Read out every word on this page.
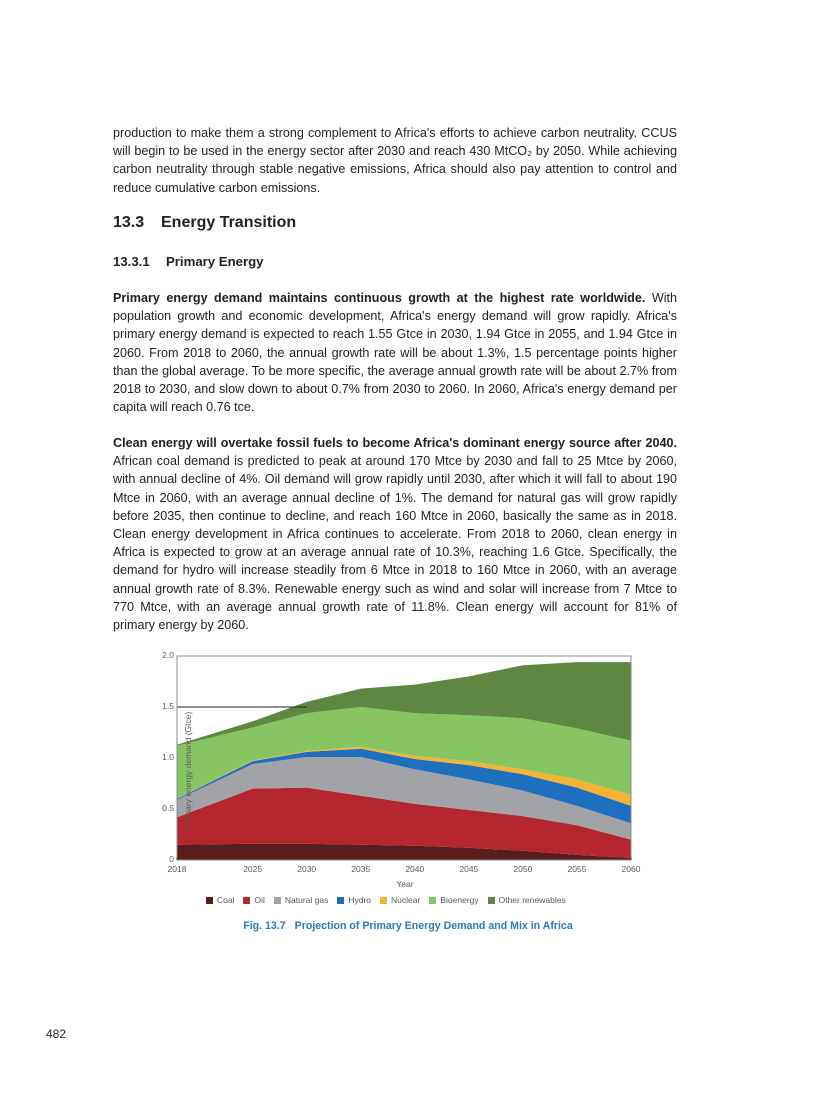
production to make them a strong complement to Africa's efforts to achieve carbon neutrality. CCUS will begin to be used in the energy sector after 2030 and reach 430 MtCO₂ by 2050. While achieving carbon neutrality through stable negative emissions, Africa should also pay attention to control and reduce cumulative carbon emissions.
13.3 Energy Transition
13.3.1 Primary Energy
Primary energy demand maintains continuous growth at the highest rate worldwide. With population growth and economic development, Africa's energy demand will grow rapidly. Africa's primary energy demand is expected to reach 1.55 Gtce in 2030, 1.94 Gtce in 2055, and 1.94 Gtce in 2060. From 2018 to 2060, the annual growth rate will be about 1.3%, 1.5 percentage points higher than the global average. To be more specific, the average annual growth rate will be about 2.7% from 2018 to 2030, and slow down to about 0.7% from 2030 to 2060. In 2060, Africa's energy demand per capita will reach 0.76 tce.
Clean energy will overtake fossil fuels to become Africa's dominant energy source after 2040. African coal demand is predicted to peak at around 170 Mtce by 2030 and fall to 25 Mtce by 2060, with annual decline of 4%. Oil demand will grow rapidly until 2030, after which it will fall to about 190 Mtce in 2060, with an average annual decline of 1%. The demand for natural gas will grow rapidly before 2035, then continue to decline, and reach 160 Mtce in 2060, basically the same as in 2018. Clean energy development in Africa continues to accelerate. From 2018 to 2060, clean energy in Africa is expected to grow at an average annual rate of 10.3%, reaching 1.6 Gtce. Specifically, the demand for hydro will increase steadily from 6 Mtce in 2018 to 160 Mtce in 2060, with an average annual growth rate of 8.3%. Renewable energy such as wind and solar will increase from 7 Mtce to 770 Mtce, with an average annual growth rate of 11.8%. Clean energy will account for 81% of primary energy by 2060.
0
0.5
1.0
1.5
2.0
2018	2025	2030	2035	2040	2045	2050	2055	2060
Primary energy demand (Gtce)
Year
Coal Oil Natural gas Hydro Nuclear Bioenergy Other renewables
Fig. 13.7 Projection of Primary Energy Demand and Mix in Africa
482
